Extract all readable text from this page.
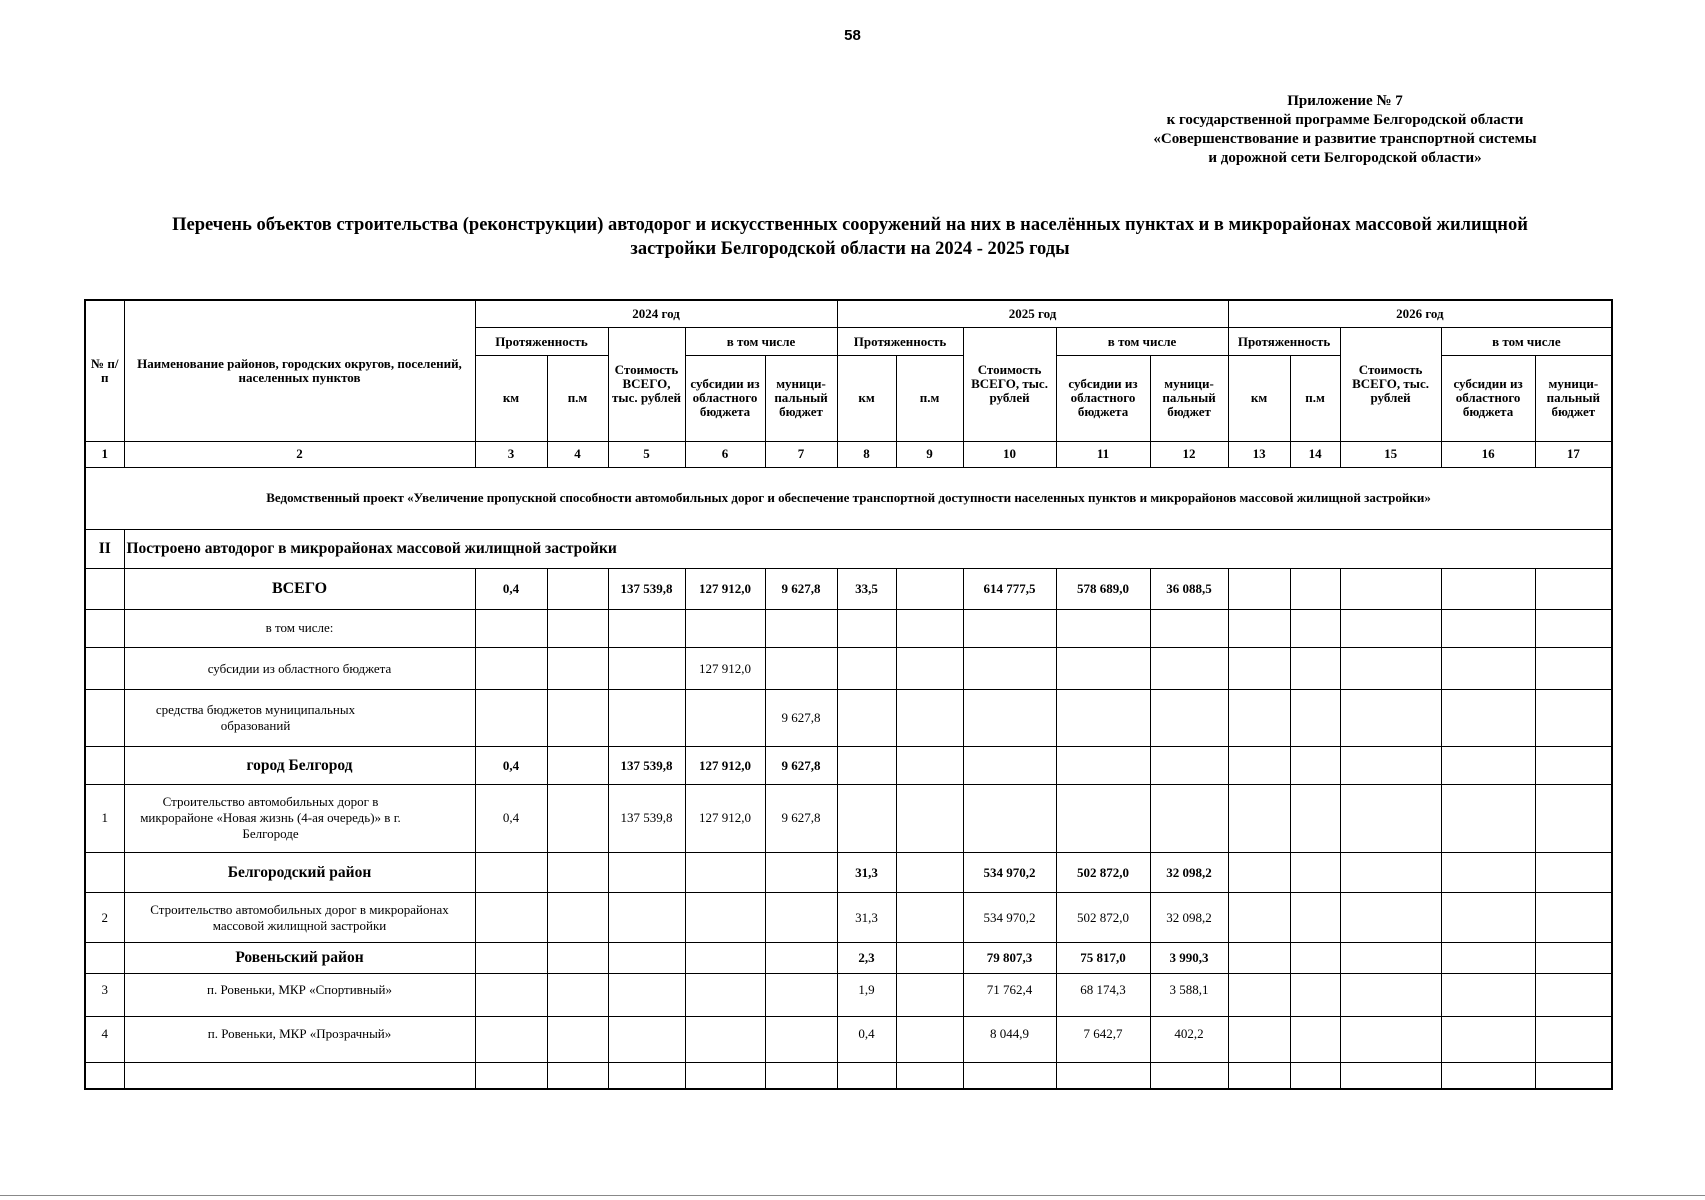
58
Приложение № 7
к государственной программе Белгородской области
«Совершенствование и развитие транспортной системы
и дорожной сети Белгородской области»
Перечень объектов строительства (реконструкции) автодорог и искусственных сооружений на них в населённых пунктах и в микрорайонах массовой жилищной
застройки Белгородской области на 2024 - 2025 годы
№ п/п	Наименование районов, городских округов, поселений, населенных пунктов	2024 год					2025 год					2026 год				
		Протяженность		Стоимость ВСЕГО, тыс. рублей	в том числе		Протяженность		Стоимость ВСЕГО, тыс. рублей	в том числе		Протяженность		Стоимость ВСЕГО, тыс. рублей	в том числе	
		км	п.м		субсидии из областного бюджета	муници- пальный бюджет	км	п.м		субсидии из областного бюджета	муници- пальный бюджет	км	п.м		субсидии из областного бюджета	муници- пальный бюджет
1	2	3	4	5	6	7	8	9	10	11	12	13	14	15	16	17
Ведомственный проект «Увеличение пропускной способности автомобильных дорог и обеспечение транспортной доступности населенных пунктов и микрорайонов массовой жилищной застройки»																
II	Построено автодорог в микрорайонах массовой жилищной застройки															
	ВСЕГО	0,4		137 539,8	127 912,0	9 627,8	33,5		614 777,5	578 689,0	36 088,5					
	в том числе:															
	субсидии из областного бюджета				127 912,0											
	средства бюджетов муниципальных образований					9 627,8										
	город Белгород	0,4		137 539,8	127 912,0	9 627,8										
1	Строительство автомобильных дорог в микрорайоне «Новая жизнь (4-ая очередь)» в г. Белгороде	0,4		137 539,8	127 912,0	9 627,8										
	Белгородский район						31,3		534 970,2	502 872,0	32 098,2					
2	Строительство автомобильных дорог в микрорайонах массовой жилищной застройки						31,3		534 970,2	502 872,0	32 098,2					
	Ровеньский район						2,3		79 807,3	75 817,0	3 990,3					
3	п. Ровеньки, МКР «Спортивный»						1,9		71 762,4	68 174,3	3 588,1					
4	п. Ровеньки, МКР «Прозрачный»						0,4		8 044,9	7 642,7	402,2					
